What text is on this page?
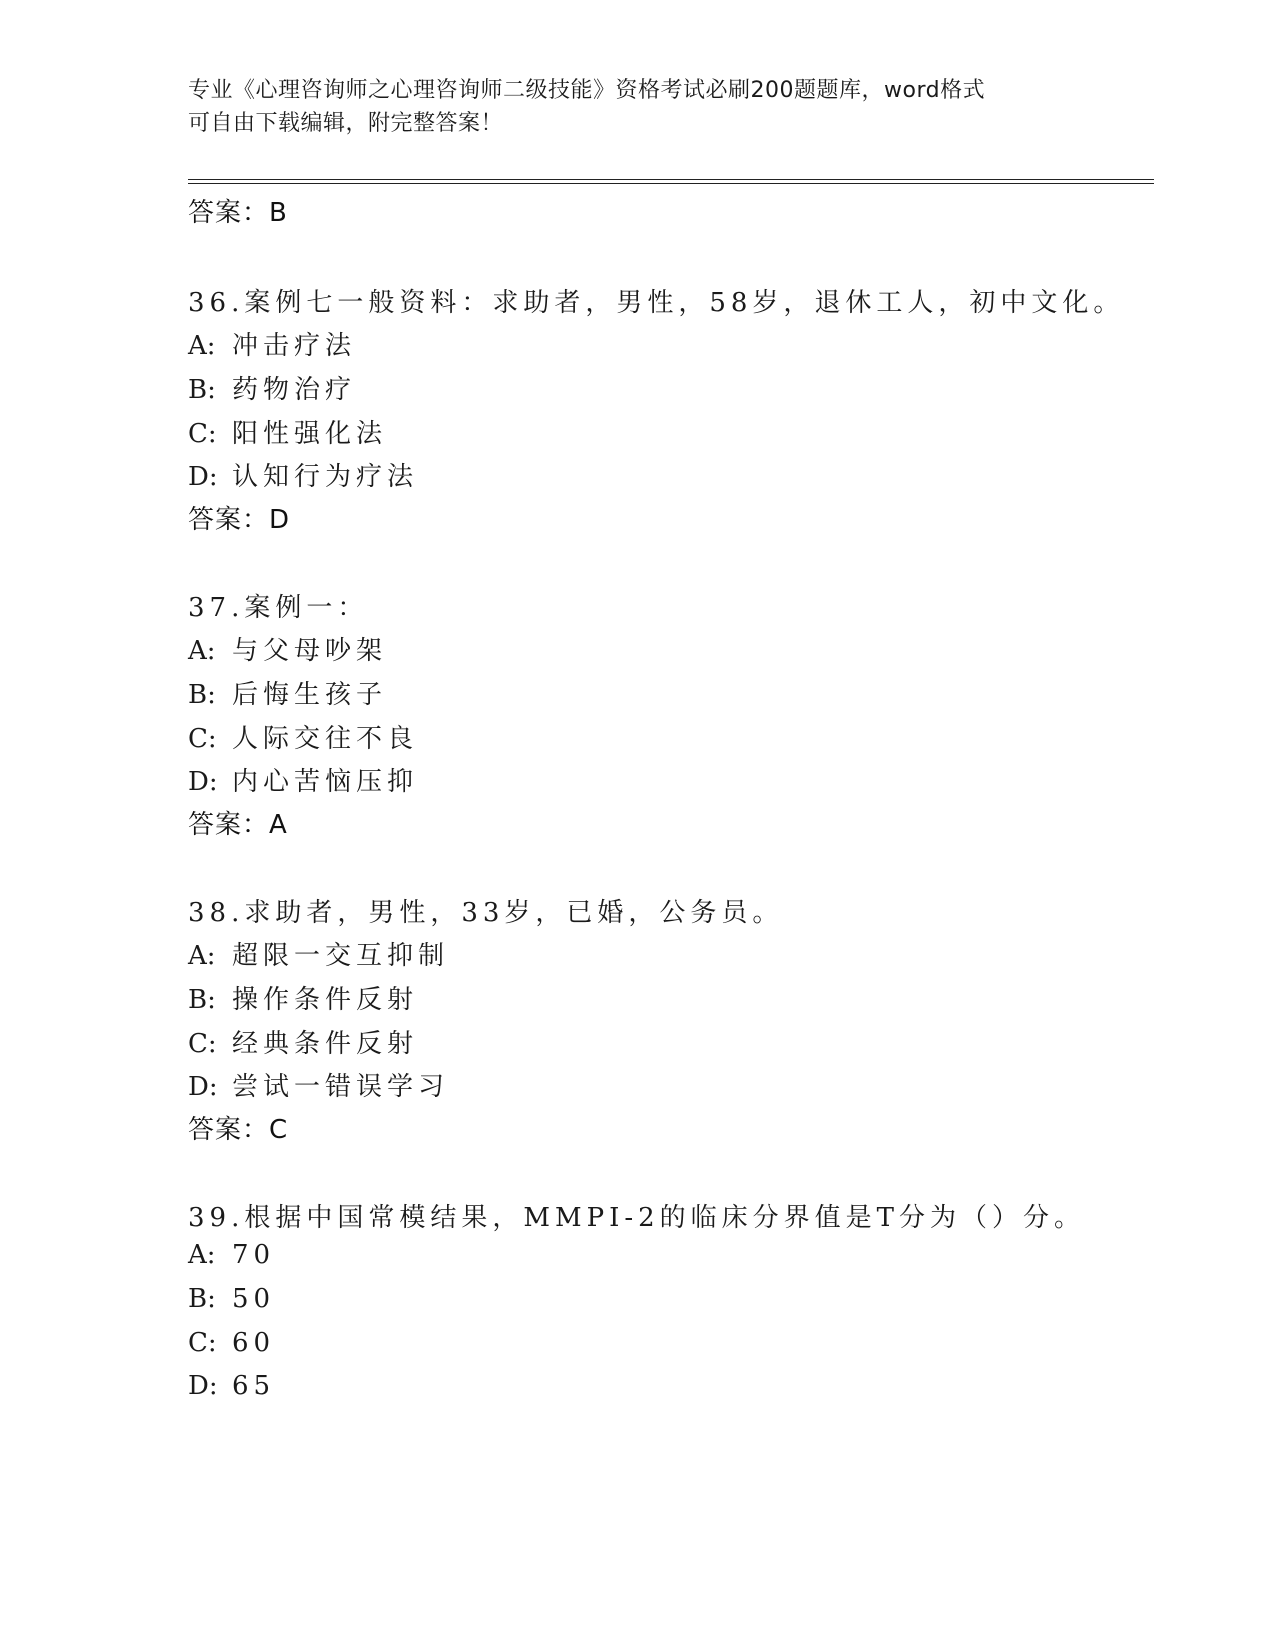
专业《心理咨询师之心理咨询师二级技能》资格考试必刷200题题库，word格式
可自由下载编辑，附完整答案！
答案：B
36.案例七一般资料：求助者，男性，58岁，退休工人，初中文化。
A: 冲击疗法
B: 药物治疗
C: 阳性强化法
D: 认知行为疗法
答案：D
37.案例一：
A: 与父母吵架
B: 后悔生孩子
C: 人际交往不良
D: 内心苦恼压抑
答案：A
38.求助者，男性，33岁，已婚，公务员。
A: 超限一交互抑制
B: 操作条件反射
C: 经典条件反射
D: 尝试一错误学习
答案：C
39.根据中国常模结果，MMPI-2的临床分界值是T分为（）分。
A: 70
B: 50
C: 60
D: 65
